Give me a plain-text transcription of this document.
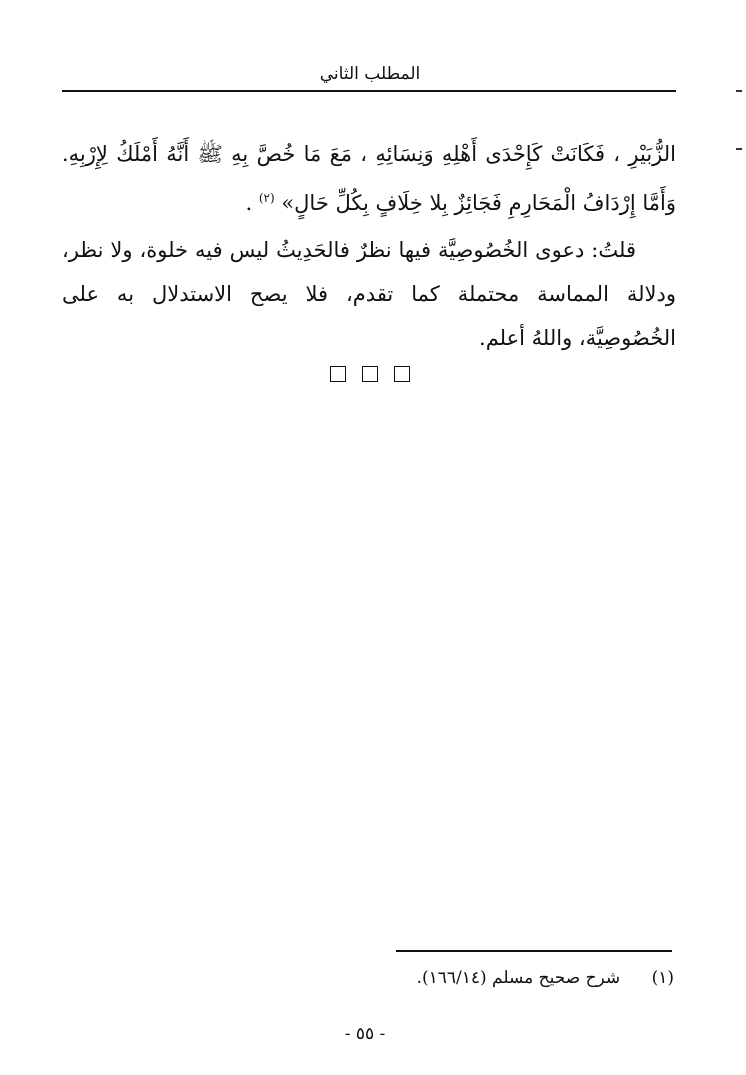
المطلب الثاني
الزُّبَيْرِ ، فَكَانَتْ كَإِحْدَى أَهْلِهِ وَنِسَائِهِ ، مَعَ مَا خُصَّ بِهِ ﷺ أَنَّهُ أَمْلَكُ لِإِرْبِهِ. وَأَمَّا إِرْدَافُ الْمَحَارِمِ فَجَائِزٌ بِلا خِلَافٍ بِكُلِّ حَالٍ» $^{(٢)}$ .
قلتُ: دعوى الخُصُوصِيَّة فيها نظرٌ فالحَدِيثُ ليس فيه خلوة، ولا نظر، ودلالة المماسة محتملة كما تقدم، فلا يصح الاستدلال به على الخُصُوصِيَّة، واللهُ أعلم.
(١) شرح صحيح مسلم (١٦٦/١٤).
- ٥٥ -
